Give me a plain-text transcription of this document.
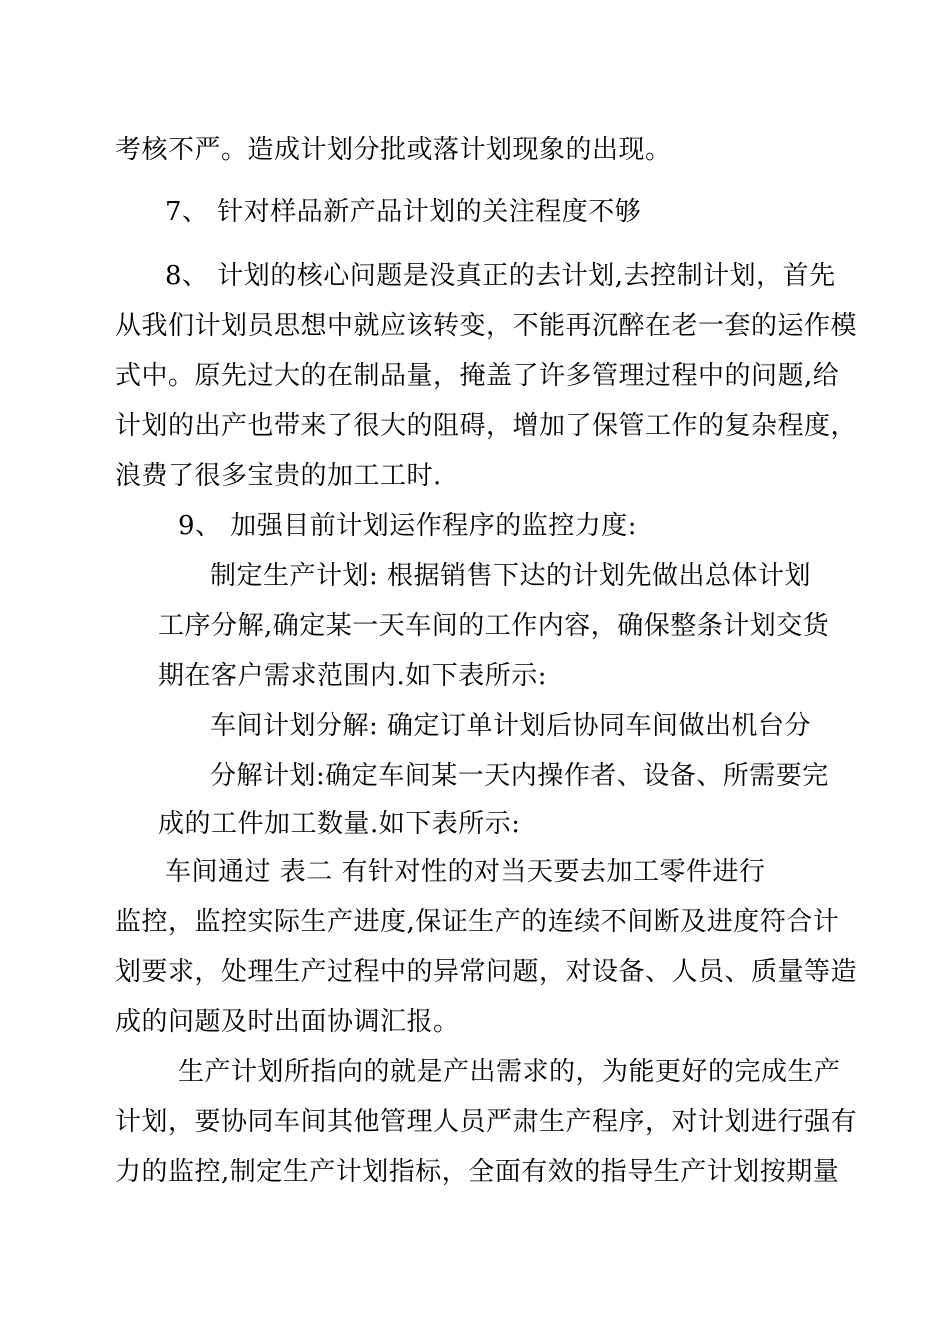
考核不严。造成计划分批或落计划现象的出现。
7、 针对样品新产品计划的关注程度不够
8、 计划的核心问题是没真正的去计划,去控制计划，首先
从我们计划员思想中就应该转变，不能再沉醉在老一套的运作模
式中。原先过大的在制品量，掩盖了许多管理过程中的问题,给
计划的出产也带来了很大的阻碍，增加了保管工作的复杂程度，
浪费了很多宝贵的加工工时.
9、 加强目前计划运作程序的监控力度:
制定生产计划: 根据销售下达的计划先做出总体计划
工序分解,确定某一天车间的工作内容，确保整条计划交货
期在客户需求范围内.如下表所示:
车间计划分解: 确定订单计划后协同车间做出机台分
分解计划:确定车间某一天内操作者、设备、所需要完
成的工件加工数量.如下表所示:
车间通过 表二 有针对性的对当天要去加工零件进行
监控，监控实际生产进度,保证生产的连续不间断及进度符合计
划要求，处理生产过程中的异常问题，对设备、人员、质量等造
成的问题及时出面协调汇报。
生产计划所指向的就是产出需求的，为能更好的完成生产
计划，要协同车间其他管理人员严肃生产程序，对计划进行强有
力的监控,制定生产计划指标，全面有效的指导生产计划按期量
